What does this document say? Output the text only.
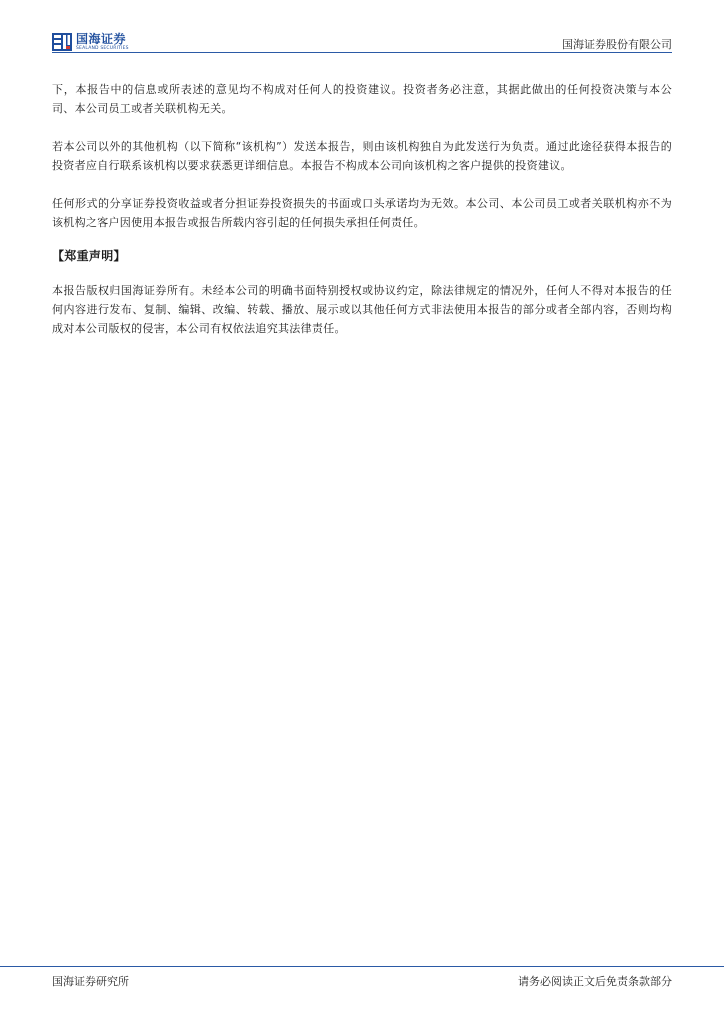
国海证券
SEALAND SECURITIES	国海证券股份有限公司

下，本报告中的信息或所表述的意见均不构成对任何人的投资建议。投资者务必注意，其据此做出的任何投资决策与本公司、本公司员工或者关联机构无关。

若本公司以外的其他机构（以下简称“该机构”）发送本报告，则由该机构独自为此发送行为负责。通过此途径获得本报告的投资者应自行联系该机构以要求获悉更详细信息。本报告不构成本公司向该机构之客户提供的投资建议。

任何形式的分享证券投资收益或者分担证券投资损失的书面或口头承诺均为无效。本公司、本公司员工或者关联机构亦不为该机构之客户因使用本报告或报告所载内容引起的任何损失承担任何责任。

【郑重声明】

本报告版权归国海证券所有。未经本公司的明确书面特别授权或协议约定，除法律规定的情况外，任何人不得对本报告的任何内容进行发布、复制、编辑、改编、转载、播放、展示或以其他任何方式非法使用本报告的部分或者全部内容，否则均构成对本公司版权的侵害，本公司有权依法追究其法律责任。

国海证券研究所	请务必阅读正文后免责条款部分
